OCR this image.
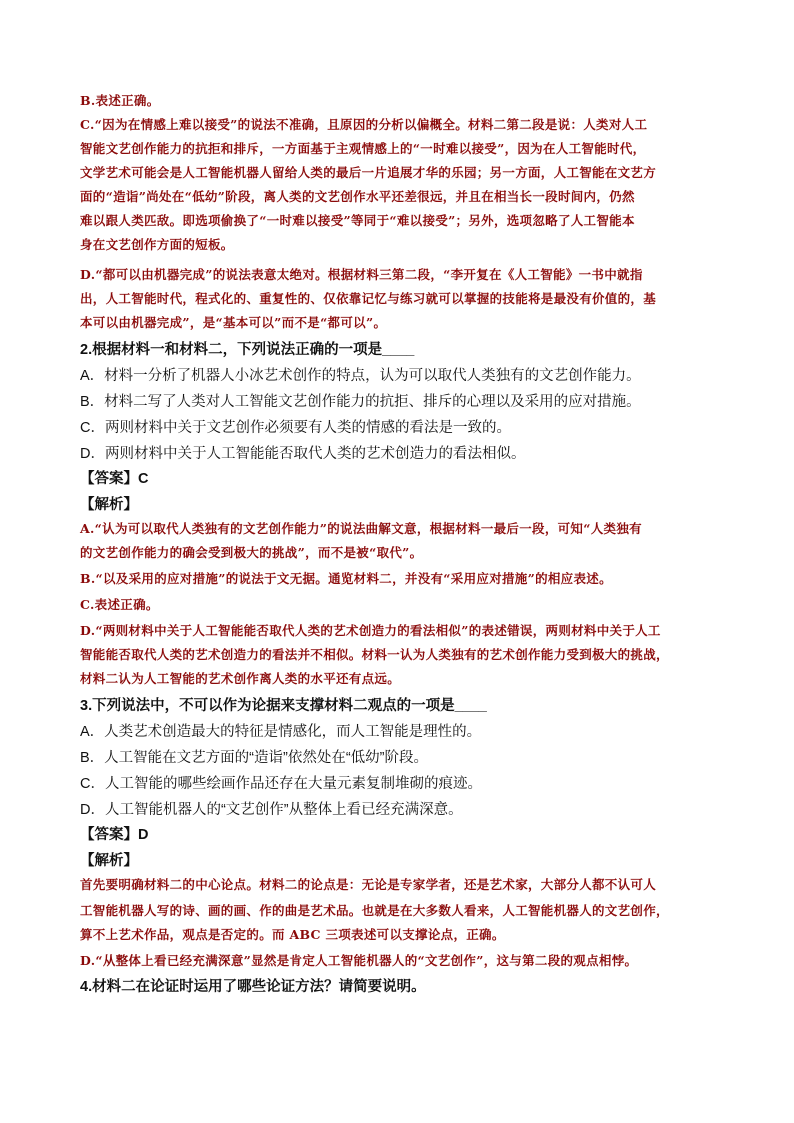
B.表述正确。
C.“因为在情感上难以接受”的说法不准确，且原因的分析以偏概全。材料二第二段是说：人类对人工
智能文艺创作能力的抗拒和排斥，一方面基于主观情感上的“一时难以接受”，因为在人工智能时代，
文学艺术可能会是人工智能机器人留给人类的最后一片追展才华的乐园；另一方面，人工智能在文艺方
面的“造诣”尚处在“低幼”阶段，离人类的文艺创作水平还差很远，并且在相当长一段时间内，仍然
难以跟人类匹敌。即选项偷换了“一时难以接受”等同于“难以接受”；另外，选项忽略了人工智能本
身在文艺创作方面的短板。
D.“都可以由机器完成”的说法表意太绝对。根据材料三第二段，“李开复在《人工智能》一书中就指
出，人工智能时代，程式化的、重复性的、仅依靠记忆与练习就可以掌握的技能将是最没有价值的，基
本可以由机器完成”，是“基本可以”而不是“都可以”。
2.根据材料一和材料二，下列说法正确的一项是____
A．材料一分析了机器人小冰艺术创作的特点，认为可以取代人类独有的文艺创作能力。
B．材料二写了人类对人工智能文艺创作能力的抗拒、排斥的心理以及采用的应对措施。
C．两则材料中关于文艺创作必须要有人类的情感的看法是一致的。
D．两则材料中关于人工智能能否取代人类的艺术创造力的看法相似。
【答案】C
【解析】
A.“认为可以取代人类独有的文艺创作能力”的说法曲解文意，根据材料一最后一段，可知“人类独有
的文艺创作能力的确会受到极大的挑战”，而不是被“取代”。
B.“以及采用的应对措施”的说法于文无据。通览材料二，并没有“采用应对措施”的相应表述。
C.表述正确。
D.“两则材料中关于人工智能能否取代人类的艺术创造力的看法相似”的表述错误，两则材料中关于人工
智能能否取代人类的艺术创造力的看法并不相似。材料一认为人类独有的艺术创作能力受到极大的挑战，
材料二认为人工智能的艺术创作离人类的水平还有点远。
3.下列说法中，不可以作为论据来支撑材料二观点的一项是____
A．人类艺术创造最大的特征是情感化，而人工智能是理性的。
B．人工智能在文艺方面的“造诣”依然处在“低幼”阶段。
C．人工智能的哪些绘画作品还存在大量元素复制堆砌的痕迹。
D．人工智能机器人的“文艺创作”从整体上看已经充满深意。
【答案】D
【解析】
首先要明确材料二的中心论点。材料二的论点是：无论是专家学者，还是艺术家，大部分人都不认可人
工智能机器人写的诗、画的画、作的曲是艺术品。也就是在大多数人看来，人工智能机器人的文艺创作，
算不上艺术作品，观点是否定的。而 ABC 三项表述可以支撑论点，正确。
D.“从整体上看已经充满深意”显然是肯定人工智能机器人的“文艺创作”，这与第二段的观点相悖。
4.材料二在论证时运用了哪些论证方法？请简要说明。
